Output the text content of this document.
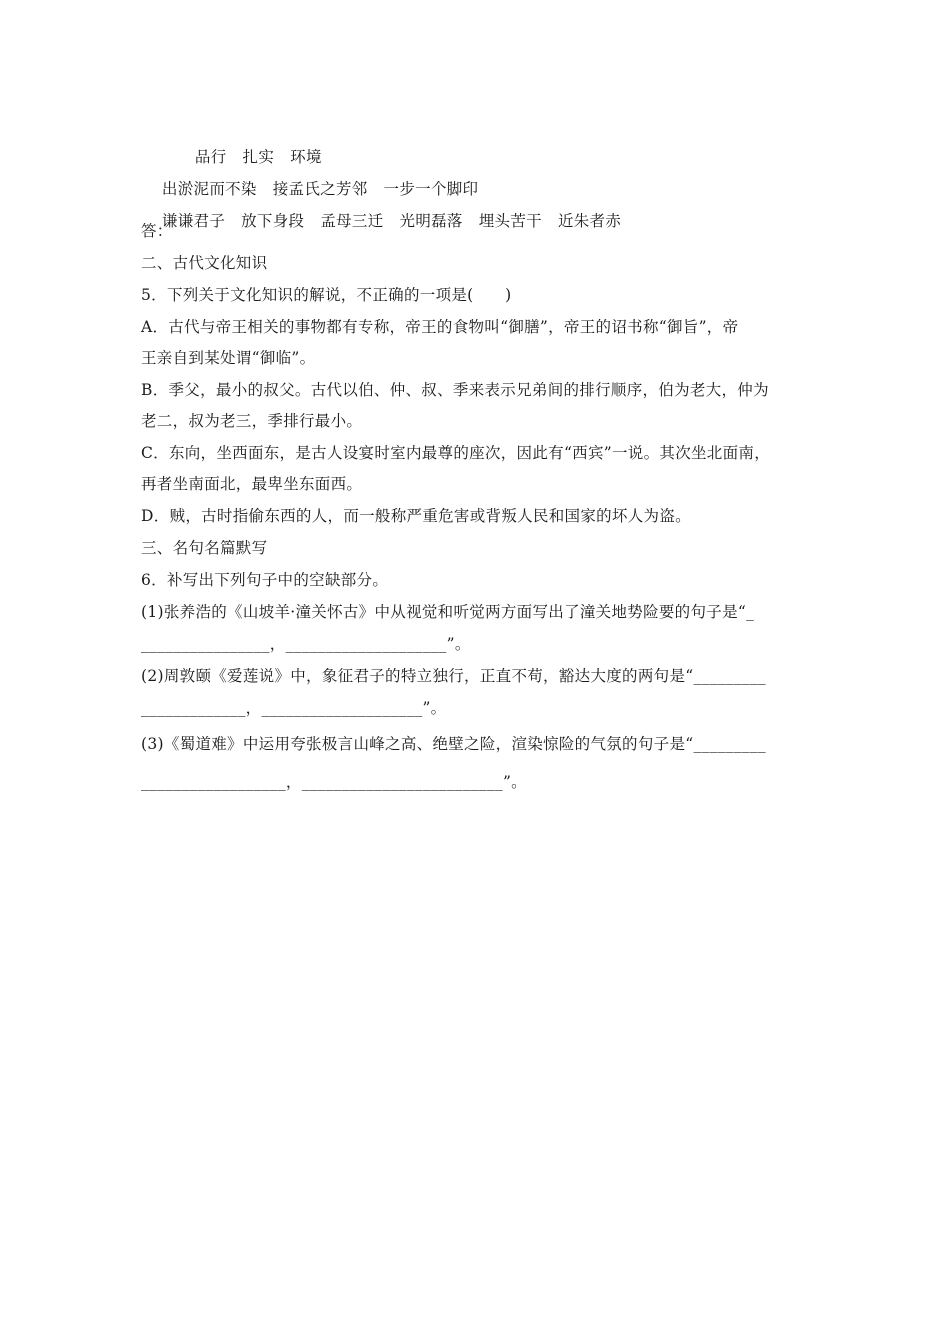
品行 扎实 环境

出淤泥而不染 接孟氏之芳邻 一步一个脚印

谦谦君子 放下身段 孟母三迁 光明磊落 埋头苦干 近朱者赤

答：
二、古代文化知识
5．下列关于文化知识的解说，不正确的一项是(　　)
A．古代与帝王相关的事物都有专称，帝王的食物叫“御膳”，帝王的诏书称“御旨”，帝
王亲自到某处谓“御临”。
B．季父，最小的叔父。古代以伯、仲、叔、季来表示兄弟间的排行顺序，伯为老大，仲为
老二，叔为老三，季排行最小。
C．东向，坐西面东，是古人设宴时室内最尊的座次，因此有“西宾”一说。其次坐北面南，
再者坐南面北，最卑坐东面西。
D．贼，古时指偷东西的人，而一般称严重危害或背叛人民和国家的坏人为盗。
三、名句名篇默写
6．补写出下列句子中的空缺部分。
(1)张养浩的《山坡羊·潼关怀古》中从视觉和听觉两方面写出了潼关地势险要的句子是“_
________________，____________________”。
(2)周敦颐《爱莲说》中，象征君子的特立独行，正直不苟，豁达大度的两句是“_________
_____________，____________________”。
(3)《蜀道难》中运用夸张极言山峰之高、绝壁之险，渲染惊险的气氛的句子是“_________
__________________，_________________________”。
